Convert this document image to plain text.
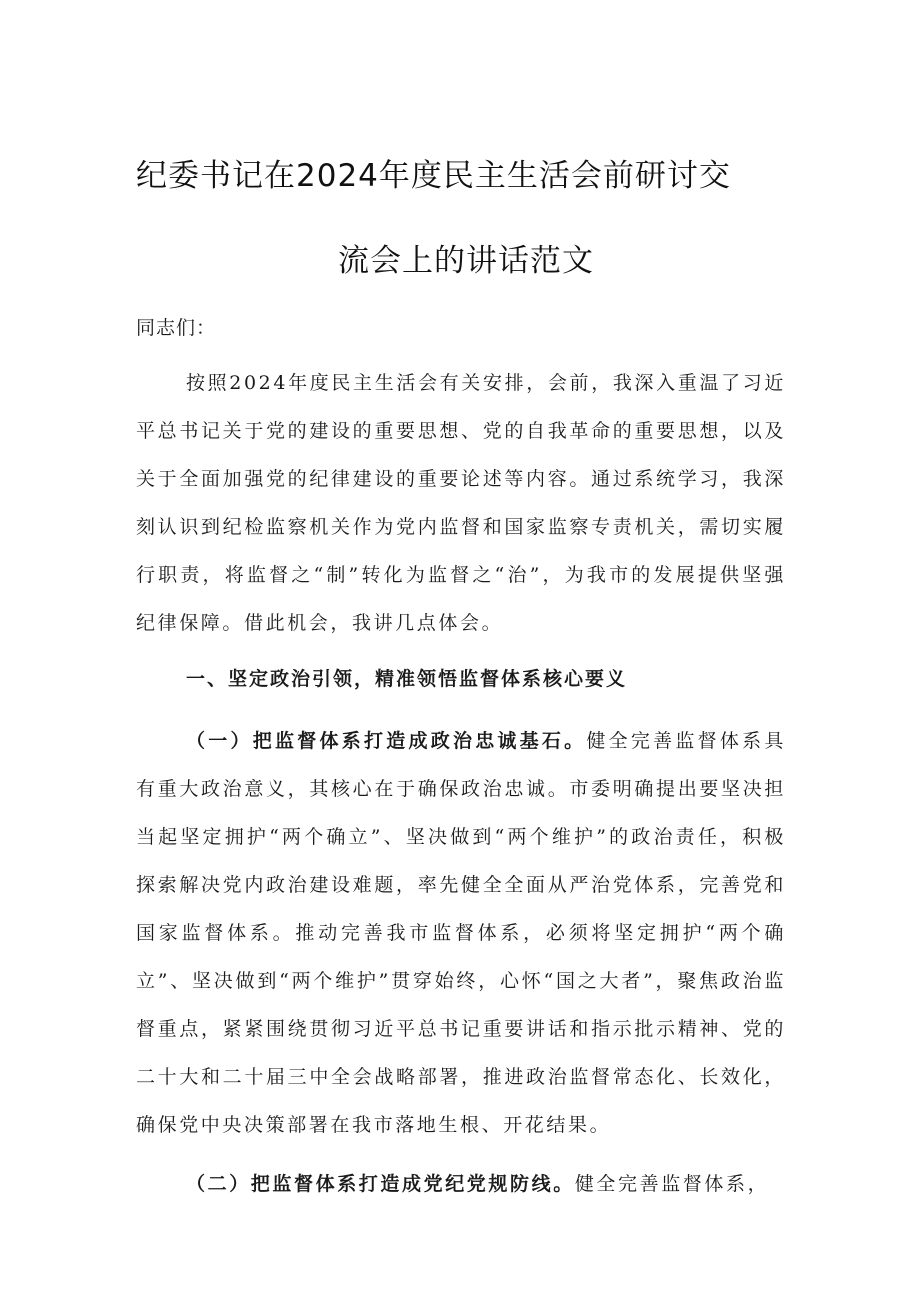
纪委书记在2024年度民主生活会前研讨交
流会上的讲话范文
同志们：

按照2024年度民主生活会有关安排，会前，我深入重温了习近平总书记关于党的建设的重要思想、党的自我革命的重要思想，以及关于全面加强党的纪律建设的重要论述等内容。通过系统学习，我深刻认识到纪检监察机关作为党内监督和国家监察专责机关，需切实履行职责，将监督之“制”转化为监督之“治”，为我市的发展提供坚强纪律保障。借此机会，我讲几点体会。

一、坚定政治引领，精准领悟监督体系核心要义

（一）把监督体系打造成政治忠诚基石。健全完善监督体系具有重大政治意义，其核心在于确保政治忠诚。市委明确提出要坚决担当起坚定拥护“两个确立”、坚决做到“两个维护”的政治责任，积极探索解决党内政治建设难题，率先健全全面从严治党体系，完善党和国家监督体系。推动完善我市监督体系，必须将坚定拥护“两个确立”、坚决做到“两个维护”贯穿始终，心怀“国之大者”，聚焦政治监督重点，紧紧围绕贯彻习近平总书记重要讲话和指示批示精神、党的二十大和二十届三中全会战略部署，推进政治监督常态化、长效化，确保党中央决策部署在我市落地生根、开花结果。

（二）把监督体系打造成党纪党规防线。健全完善监督体系，
